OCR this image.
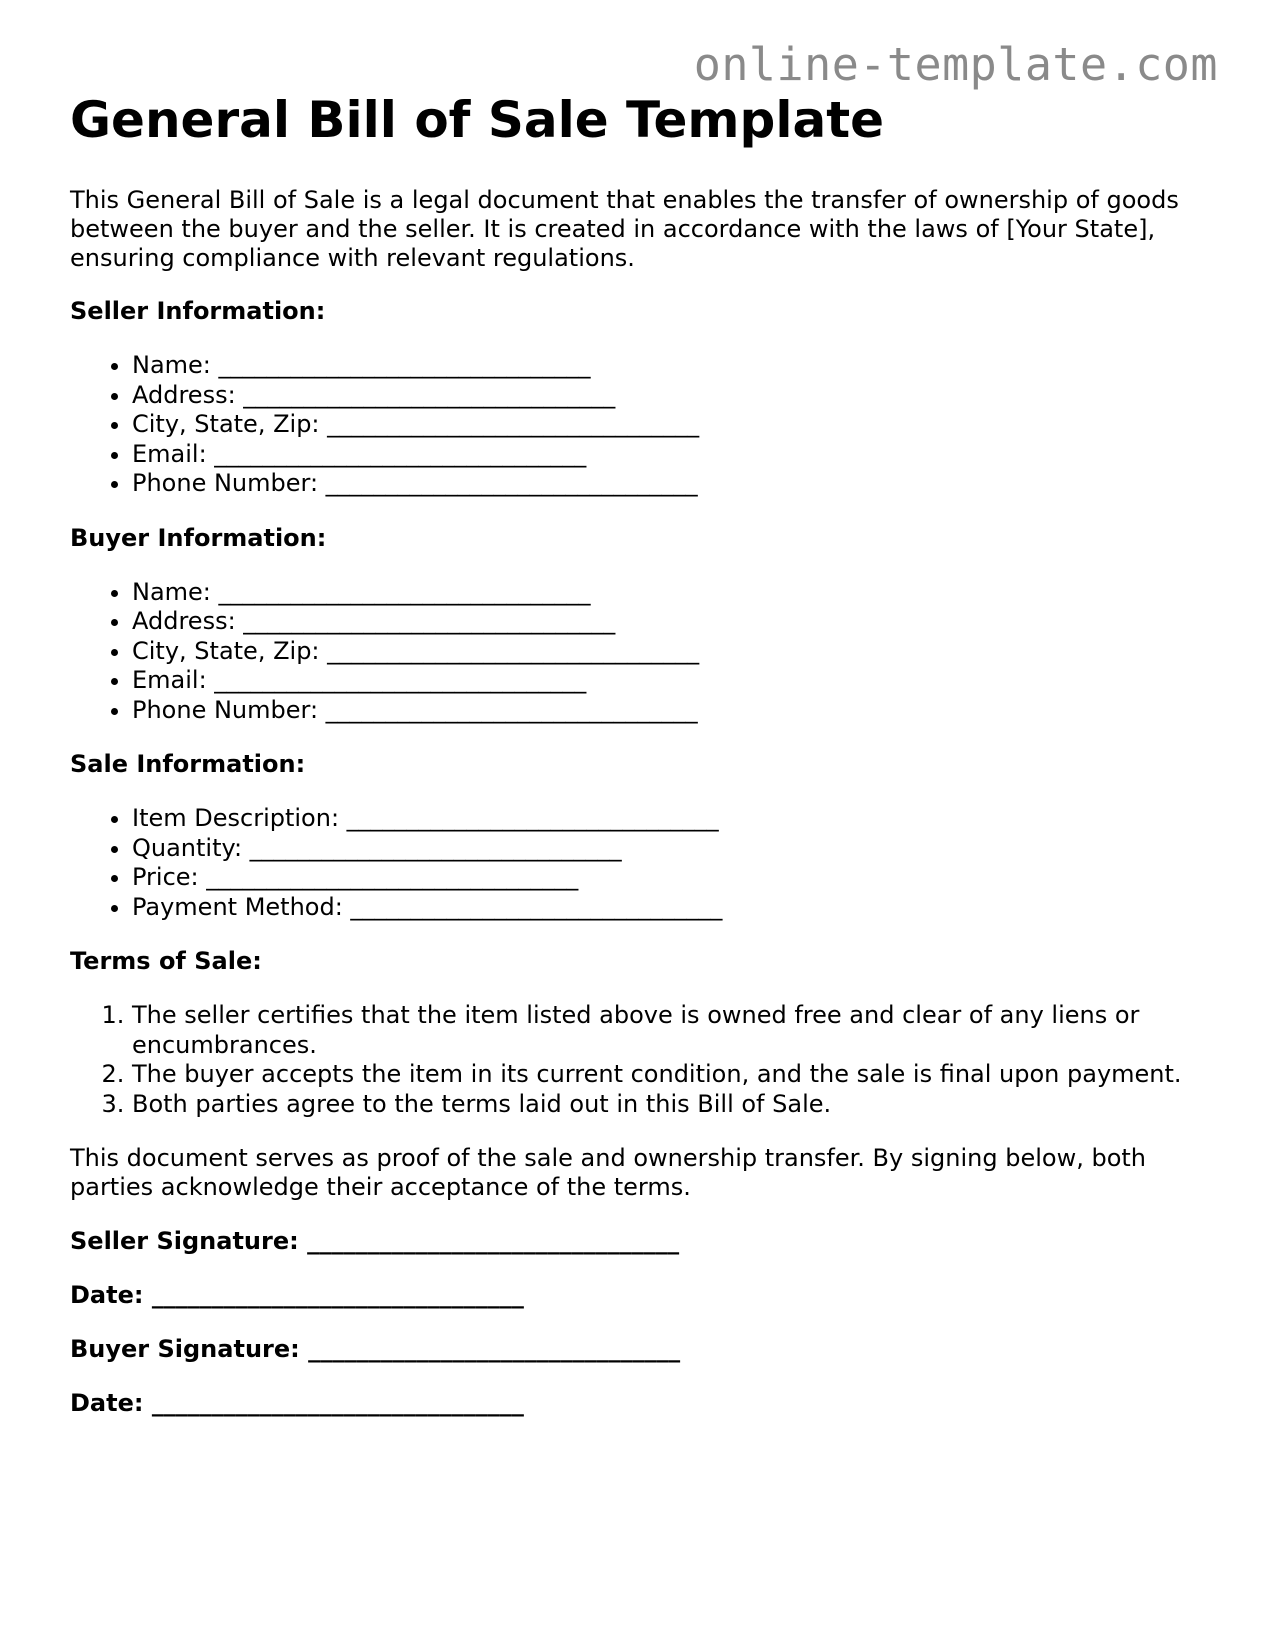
online-template.com
General Bill of Sale Template

This General Bill of Sale is a legal document that enables the transfer of ownership of goods between the buyer and the seller. It is created in accordance with the laws of [Your State], ensuring compliance with relevant regulations.

Seller Information:
• Name: _______________________________
• Address: _______________________________
• City, State, Zip: _______________________________
• Email: _______________________________
• Phone Number: _______________________________
Buyer Information:
• Name: _______________________________
• Address: _______________________________
• City, State, Zip: _______________________________
• Email: _______________________________
• Phone Number: _______________________________
Sale Information:
• Item Description: _______________________________
• Quantity: _______________________________
• Price: _______________________________
• Payment Method: _______________________________
Terms of Sale:
1. The seller certifies that the item listed above is owned free and clear of any liens or encumbrances.
2. The buyer accepts the item in its current condition, and the sale is final upon payment.
3. Both parties agree to the terms laid out in this Bill of Sale.

This document serves as proof of the sale and ownership transfer. By signing below, both parties acknowledge their acceptance of the terms.

Seller Signature: _______________________________
Date: _______________________________
Buyer Signature: _______________________________
Date: _______________________________
